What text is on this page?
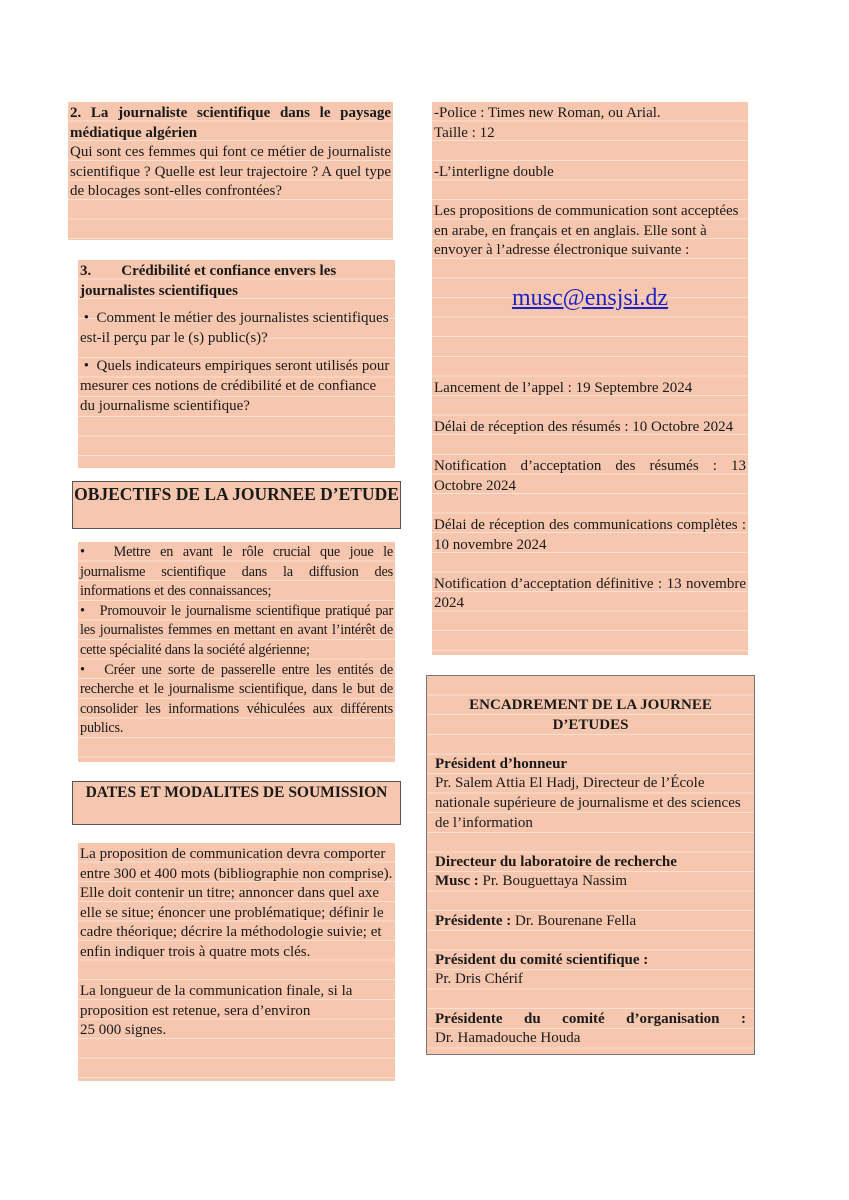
2. La journaliste scientifique dans le paysage médiatique algérien

Qui sont ces femmes qui font ce métier de journaliste scientifique ? Quelle est leur trajectoire ? A quel type de blocages sont-elles confrontées?

3. Crédibilité et confiance envers les journalistes scientifiques

•  Comment le métier des journalistes scientifiques est-il perçu par le (s) public(s)?

•  Quels indicateurs empiriques seront utilisés pour mesurer ces notions de crédibilité et de confiance du journalisme scientifique?

OBJECTIFS DE LA JOURNEE D’ETUDE

• Mettre en avant le rôle crucial que joue le journalisme scientifique dans la diffusion des informations et des connaissances;

• Promouvoir le journalisme scientifique pratiqué par les journalistes femmes en mettant en avant l’intérêt de cette spécialité dans la société algérienne;

• Créer une sorte de passerelle entre les entités de recherche et le journalisme scientifique, dans le but de consolider les informations véhiculées aux différents publics.

DATES ET MODALITES DE SOUMISSION

La proposition de communication devra comporter entre 300 et 400 mots (bibliographie non comprise). Elle doit contenir un titre; annoncer dans quel axe elle se situe; énoncer une problématique; définir le cadre théorique; décrire la méthodologie suivie; et enfin indiquer trois à quatre mots clés.

La longueur de la communication finale, si la proposition est retenue, sera d’environ

25 000 signes.

-Police : Times new Roman, ou Arial.

Taille : 12

-L’interligne double

Les propositions de communication sont acceptées en arabe, en français et en anglais. Elle sont à envoyer à l’adresse électronique suivante :

musc@ensjsi.dz

Lancement de l’appel : 19 Septembre 2024

Délai de réception des résumés : 10 Octobre 2024

Notification d’acceptation des résumés : 13 Octobre 2024

Délai de réception des communications complètes : 10 novembre 2024

Notification d’acceptation définitive : 13 novembre 2024

ENCADREMENT DE LA JOURNEE D’ETUDES

Président d’honneur

Pr. Salem Attia El Hadj, Directeur de l’École nationale supérieure de journalisme et des sciences de l’information

Directeur du laboratoire de recherche

Musc : Pr. Bouguettaya Nassim

Présidente : Dr. Bourenane Fella

Président du comité scientifique :

Pr. Dris Chérif

Présidente du comité d’organisation :

Dr. Hamadouche Houda
